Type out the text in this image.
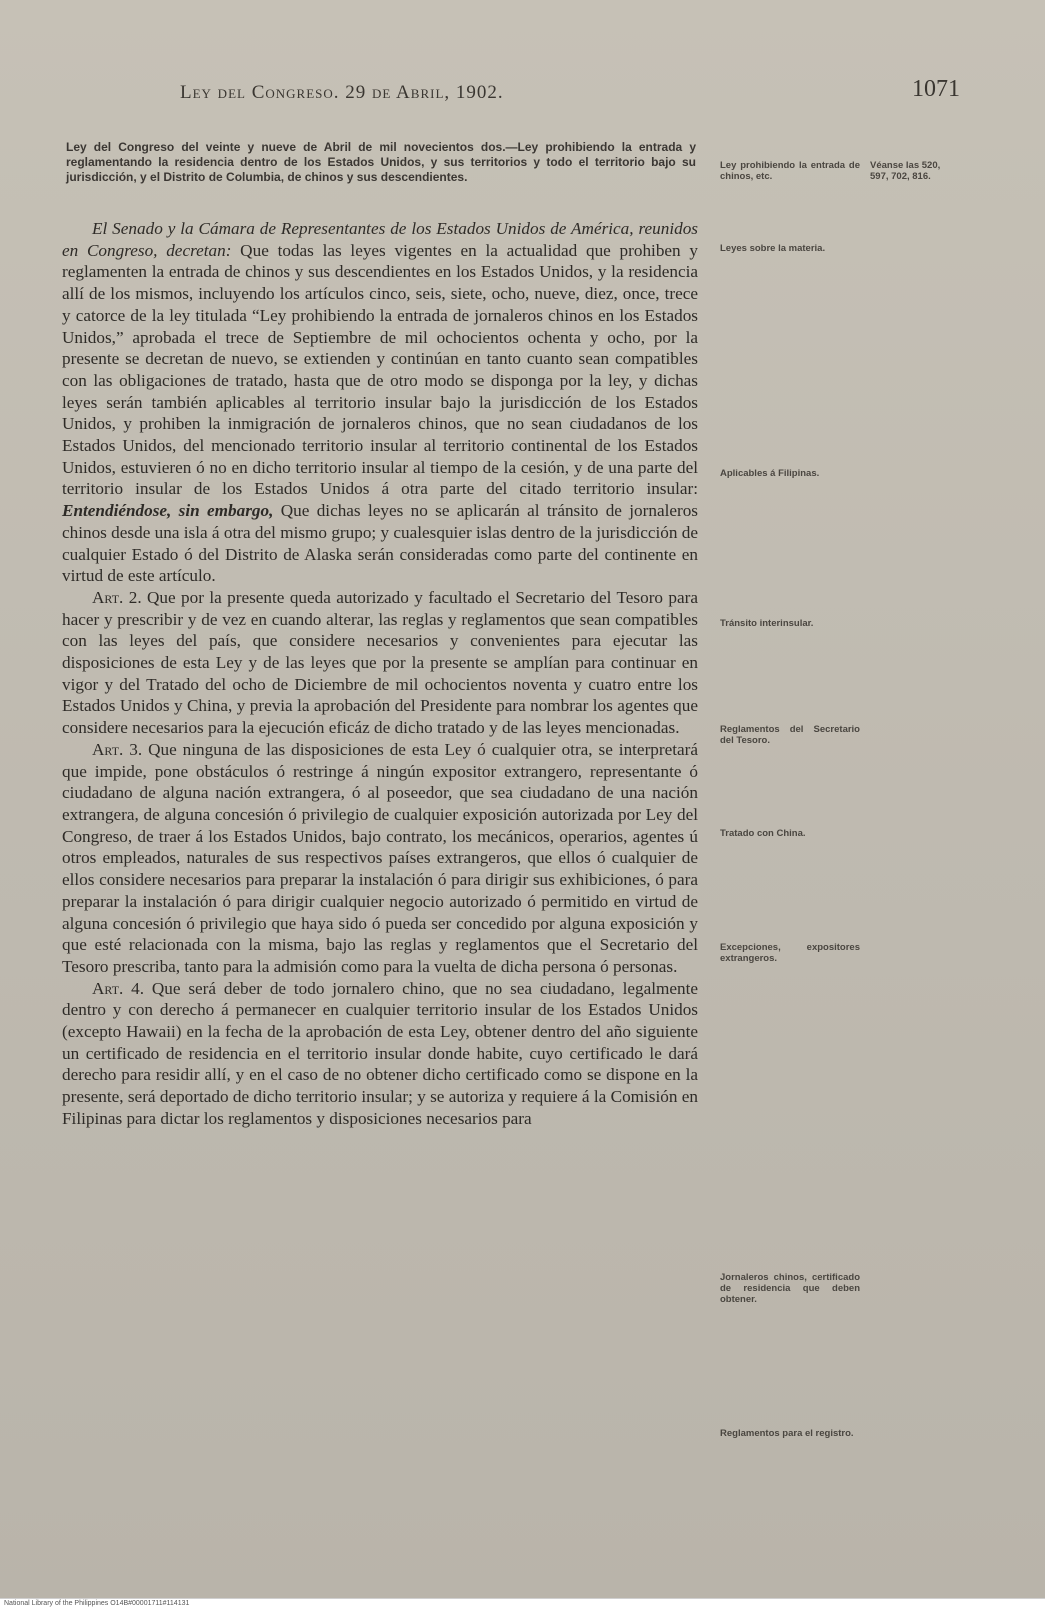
Ley del Congreso. 29 de Abril, 1902.	1071
Ley del Congreso del veinte y nueve de Abril de mil novecientos dos.—Ley prohibiendo la entrada y reglamentando la residencia dentro de los Estados Unidos, y sus territorios y todo el territorio bajo su jurisdicción, y el Distrito de Columbia, de chinos y sus descendientes.

El Senado y la Cámara de Representantes de los Estados Unidos de América, reunidos en Congreso, decretan: Que todas las leyes vigentes en la actualidad que prohiben y reglamenten la entrada de chinos y sus descendientes en los Estados Unidos, y la residencia allí de los mismos, incluyendo los artículos cinco, seis, siete, ocho, nueve, diez, once, trece y catorce de la ley titulada “Ley prohibiendo la entrada de jornaleros chinos en los Estados Unidos,” aprobada el trece de Septiembre de mil ochocientos ochenta y ocho, por la presente se decretan de nuevo, se extienden y continúan en tanto cuanto sean compatibles con las obligaciones de tratado, hasta que de otro modo se disponga por la ley, y dichas leyes serán también aplicables al territorio insular bajo la jurisdicción de los Estados Unidos, y prohiben la inmigración de jornaleros chinos, que no sean ciudadanos de los Estados Unidos, del mencionado territorio insular al territorio continental de los Estados Unidos, estuvieren ó no en dicho territorio insular al tiempo de la cesión, y de una parte del territorio insular de los Estados Unidos á otra parte del citado territorio insular: Entendiéndose, sin embargo, Que dichas leyes no se aplicarán al tránsito de jornaleros chinos desde una isla á otra del mismo grupo; y cualesquier islas dentro de la jurisdicción de cualquier Estado ó del Distrito de Alaska serán consideradas como parte del continente en virtud de este artículo.

Art. 2. Que por la presente queda autorizado y facultado el Secretario del Tesoro para hacer y prescribir y de vez en cuando alterar, las reglas y reglamentos que sean compatibles con las leyes del país, que considere necesarios y convenientes para ejecutar las disposiciones de esta Ley y de las leyes que por la presente se amplían para continuar en vigor y del Tratado del ocho de Diciembre de mil ochocientos noventa y cuatro entre los Estados Unidos y China, y previa la aprobación del Presidente para nombrar los agentes que considere necesarios para la ejecución eficáz de dicho tratado y de las leyes mencionadas.

Art. 3. Que ninguna de las disposiciones de esta Ley ó cualquier otra, se interpretará que impide, pone obstáculos ó restringe á ningún expositor extrangero, representante ó ciudadano de alguna nación extrangera, ó al poseedor, que sea ciudadano de una nación extrangera, de alguna concesión ó privilegio de cualquier exposición autorizada por Ley del Congreso, de traer á los Estados Unidos, bajo contrato, los mecánicos, operarios, agentes ú otros empleados, naturales de sus respectivos países extrangeros, que ellos ó cualquier de ellos considere necesarios para preparar la instalación ó para dirigir sus exhibiciones, ó para preparar la instalación ó para dirigir cualquier negocio autorizado ó permitido en virtud de alguna concesión ó privilegio que haya sido ó pueda ser concedido por alguna exposición y que esté relacionada con la misma, bajo las reglas y reglamentos que el Secretario del Tesoro prescriba, tanto para la admisión como para la vuelta de dicha persona ó personas.

Art. 4. Que será deber de todo jornalero chino, que no sea ciudadano, legalmente dentro y con derecho á permanecer en cualquier territorio insular de los Estados Unidos (excepto Hawaii) en la fecha de la aprobación de esta Ley, obtener dentro del año siguiente un certificado de residencia en el territorio insular donde habite, cuyo certificado le dará derecho para residir allí, y en el caso de no obtener dicho certificado como se dispone en la presente, será deportado de dicho territorio insular; y se autoriza y requiere á la Comisión en Filipinas para dictar los reglamentos y disposiciones necesarios para

Ley prohibiendo la entrada de chinos, etc.
Véanse las 520, 597, 702, 816.
Leyes sobre la materia.
Aplicables á Filipinas.
Tránsito interinsular.
Reglamentos del Secretario del Tesoro.
Tratado con China.
Excepciones, expositores extrangeros.
Jornaleros chinos, certificado de residencia que deben obtener.
Reglamentos para el registro.
National Library of the Philippines O14B#00001711#114131
